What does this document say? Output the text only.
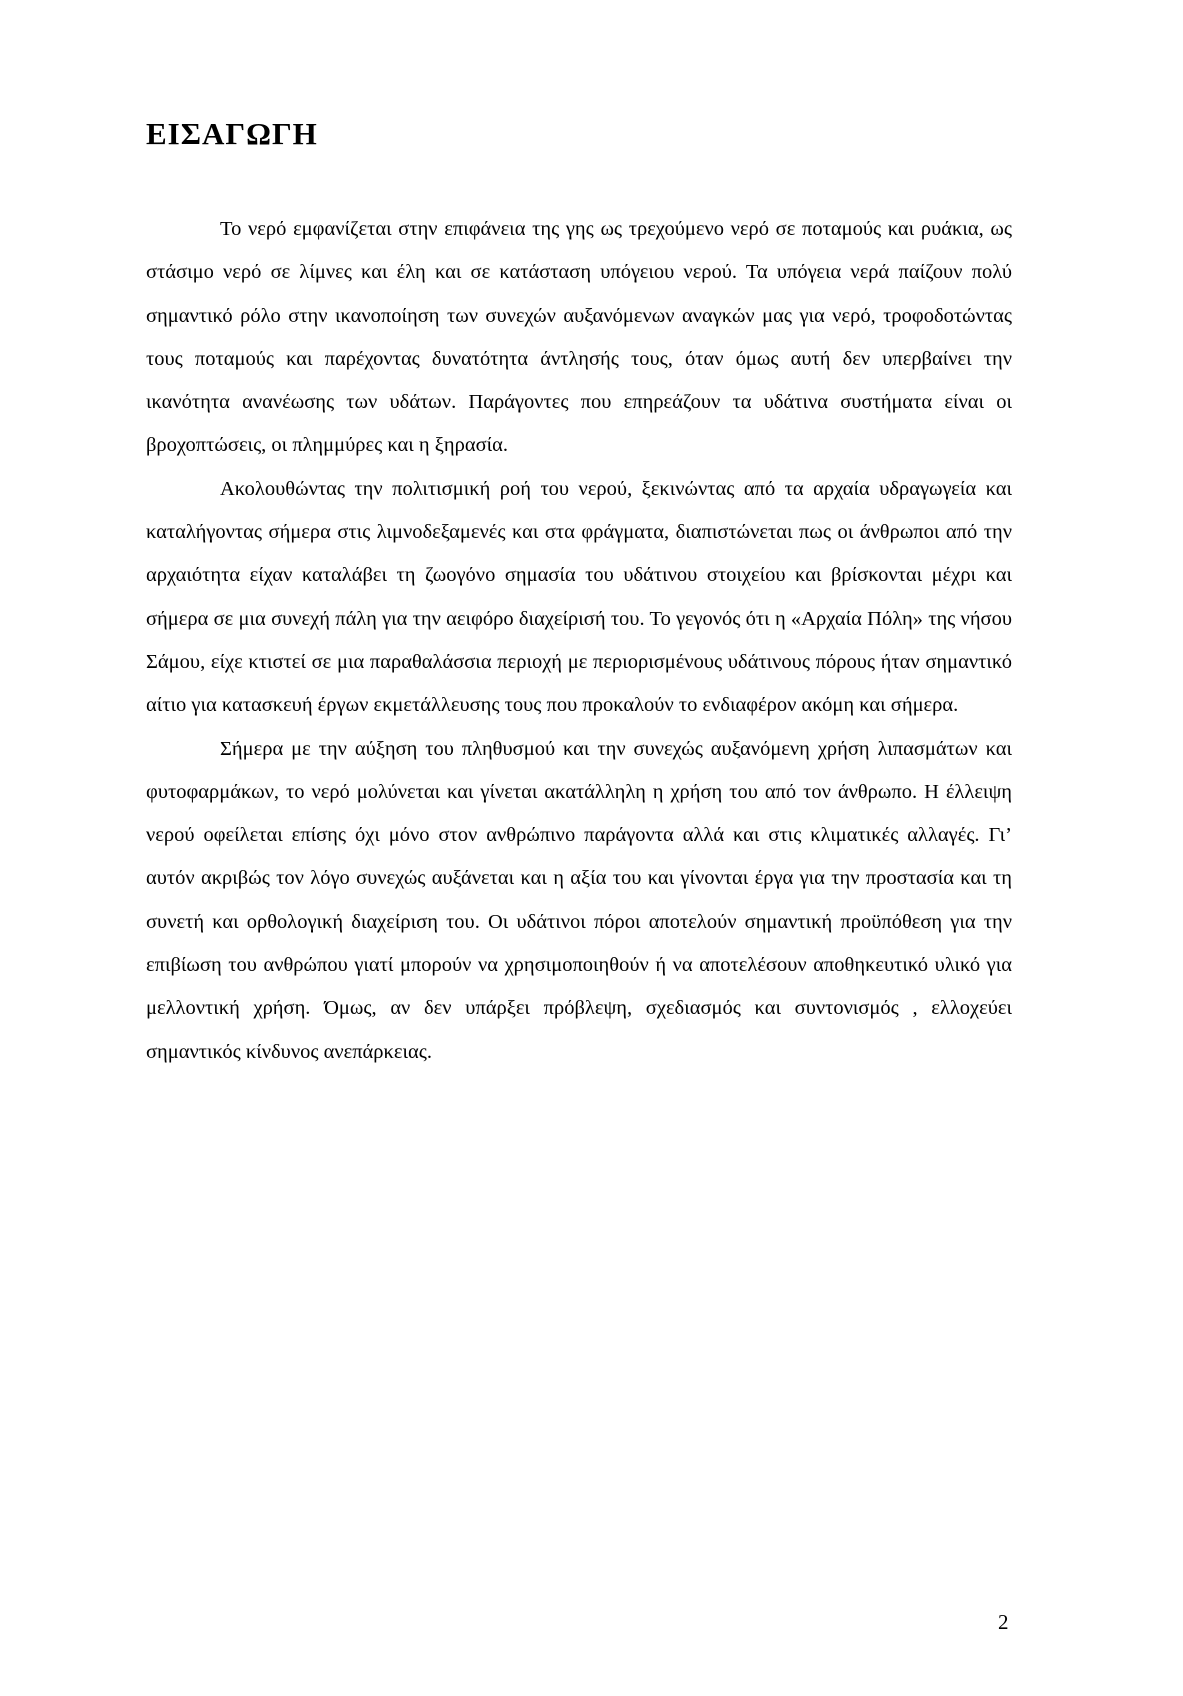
ΕΙΣΑΓΩΓΗ

Το νερό εμφανίζεται στην επιφάνεια της γης ως τρεχούμενο νερό σε ποταμούς και ρυάκια, ως στάσιμο νερό σε λίμνες και έλη και σε κατάσταση υπόγειου νερού. Τα υπόγεια νερά παίζουν πολύ σημαντικό ρόλο στην ικανοποίηση των συνεχών αυξανόμενων αναγκών μας για νερό, τροφοδοτώντας τους ποταμούς και παρέχοντας δυνατότητα άντλησής τους, όταν όμως αυτή δεν υπερβαίνει την ικανότητα ανανέωσης των υδάτων. Παράγοντες που επηρεάζουν τα υδάτινα συστήματα είναι οι βροχοπτώσεις, οι πλημμύρες και η ξηρασία.

Ακολουθώντας την πολιτισμική ροή του νερού, ξεκινώντας από τα αρχαία υδραγωγεία και καταλήγοντας σήμερα στις λιμνοδεξαμενές και στα φράγματα, διαπιστώνεται πως οι άνθρωποι από την αρχαιότητα είχαν καταλάβει τη ζωογόνο σημασία του υδάτινου στοιχείου και βρίσκονται μέχρι και σήμερα σε μια συνεχή πάλη για την αειφόρο διαχείρισή του. Το γεγονός ότι η «Αρχαία Πόλη» της νήσου Σάμου, είχε κτιστεί σε μια παραθαλάσσια περιοχή με περιορισμένους υδάτινους πόρους ήταν σημαντικό αίτιο για κατασκευή έργων εκμετάλλευσης τους που προκαλούν το ενδιαφέρον ακόμη και σήμερα.

Σήμερα με την αύξηση του πληθυσμού και την συνεχώς αυξανόμενη χρήση λιπασμάτων και φυτοφαρμάκων, το νερό μολύνεται και γίνεται ακατάλληλη η χρήση του από τον άνθρωπο. Η έλλειψη νερού οφείλεται επίσης όχι μόνο στον ανθρώπινο παράγοντα αλλά και στις κλιματικές αλλαγές. Γι’ αυτόν ακριβώς τον λόγο συνεχώς αυξάνεται και η αξία του και γίνονται έργα για την προστασία και τη συνετή και ορθολογική διαχείριση του. Οι υδάτινοι πόροι αποτελούν σημαντική προϋπόθεση για την επιβίωση του ανθρώπου γιατί μπορούν να χρησιμοποιηθούν ή να αποτελέσουν αποθηκευτικό υλικό για μελλοντική χρήση. Όμως, αν δεν υπάρξει πρόβλεψη, σχεδιασμός και συντονισμός , ελλοχεύει σημαντικός κίνδυνος ανεπάρκειας.

2
